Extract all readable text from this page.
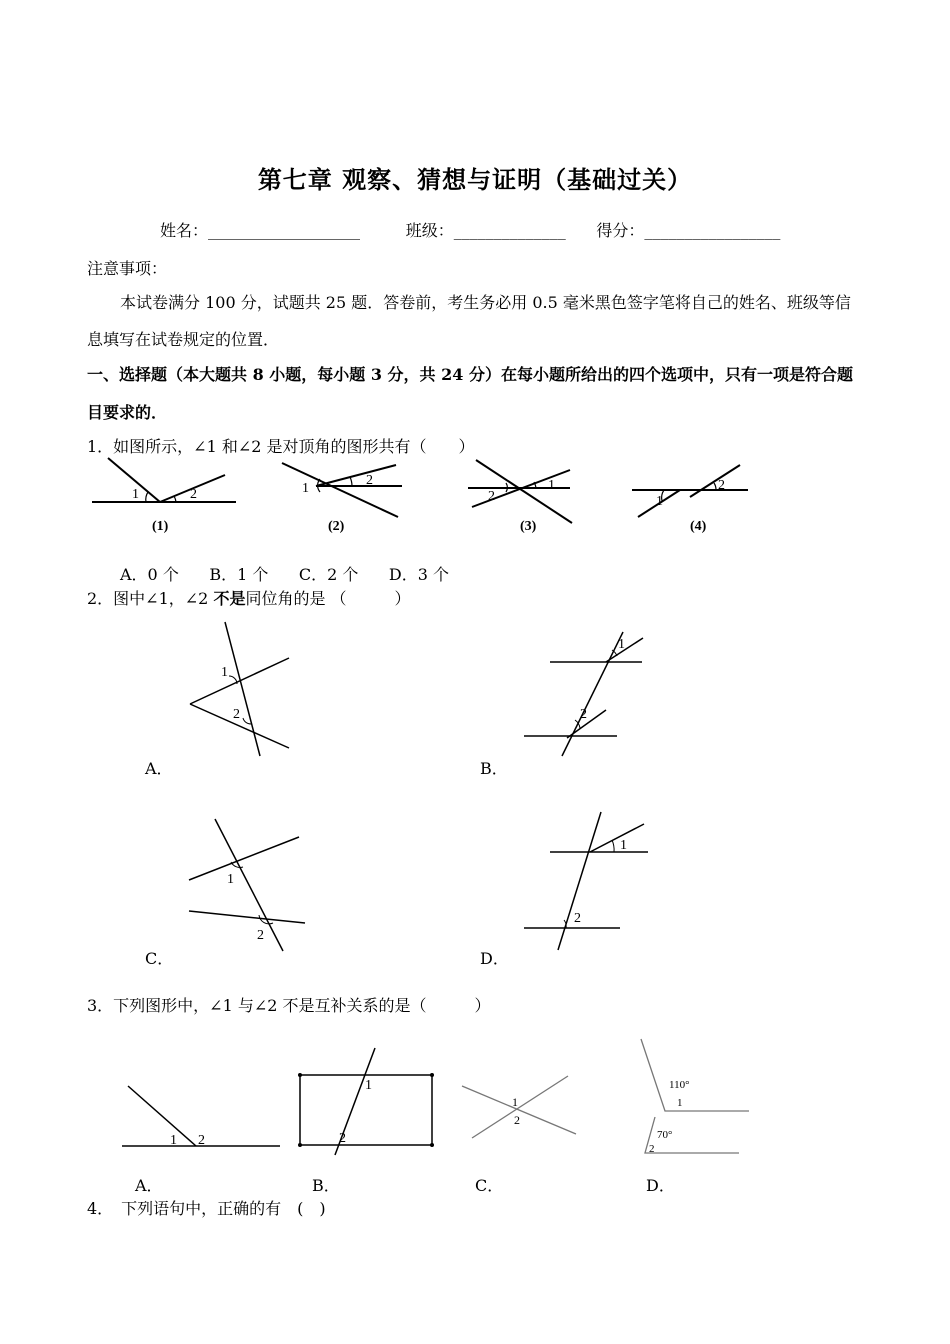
第七章 观察、猜想与证明（基础过关）
姓名：___________________	班级：______________ 得分：_________________
注意事项：
本试卷满分 100 分，试题共 25 题．答卷前，考生务必用 0.5 毫米黑色签字笔将自己的姓名、班级等信
息填写在试卷规定的位置．
一、选择题（本大题共 8 小题，每小题 3 分，共 24 分）在每小题所给出的四个选项中，只有一项是符合题
目要求的．
1．如图所示，∠1 和∠2 是对顶角的图形共有（　　）
1	2
(1)
1
2
(2)
2
1
(3)
1
2
(4)
A．0 个 B．1 个 C．2 个 D．3 个
2．图中∠1，∠2 不是同位角的是 （　　　）
1
2
A．
1
2
B．
1
2
C．
1
2
D．
3．下列图形中，∠1 与∠2 不是互补关系的是（　　　）
1 2
A．
1
2
B．
1
2
C．
110°
1
70°
2
D．
4．　下列语句中，正确的有　(　)
